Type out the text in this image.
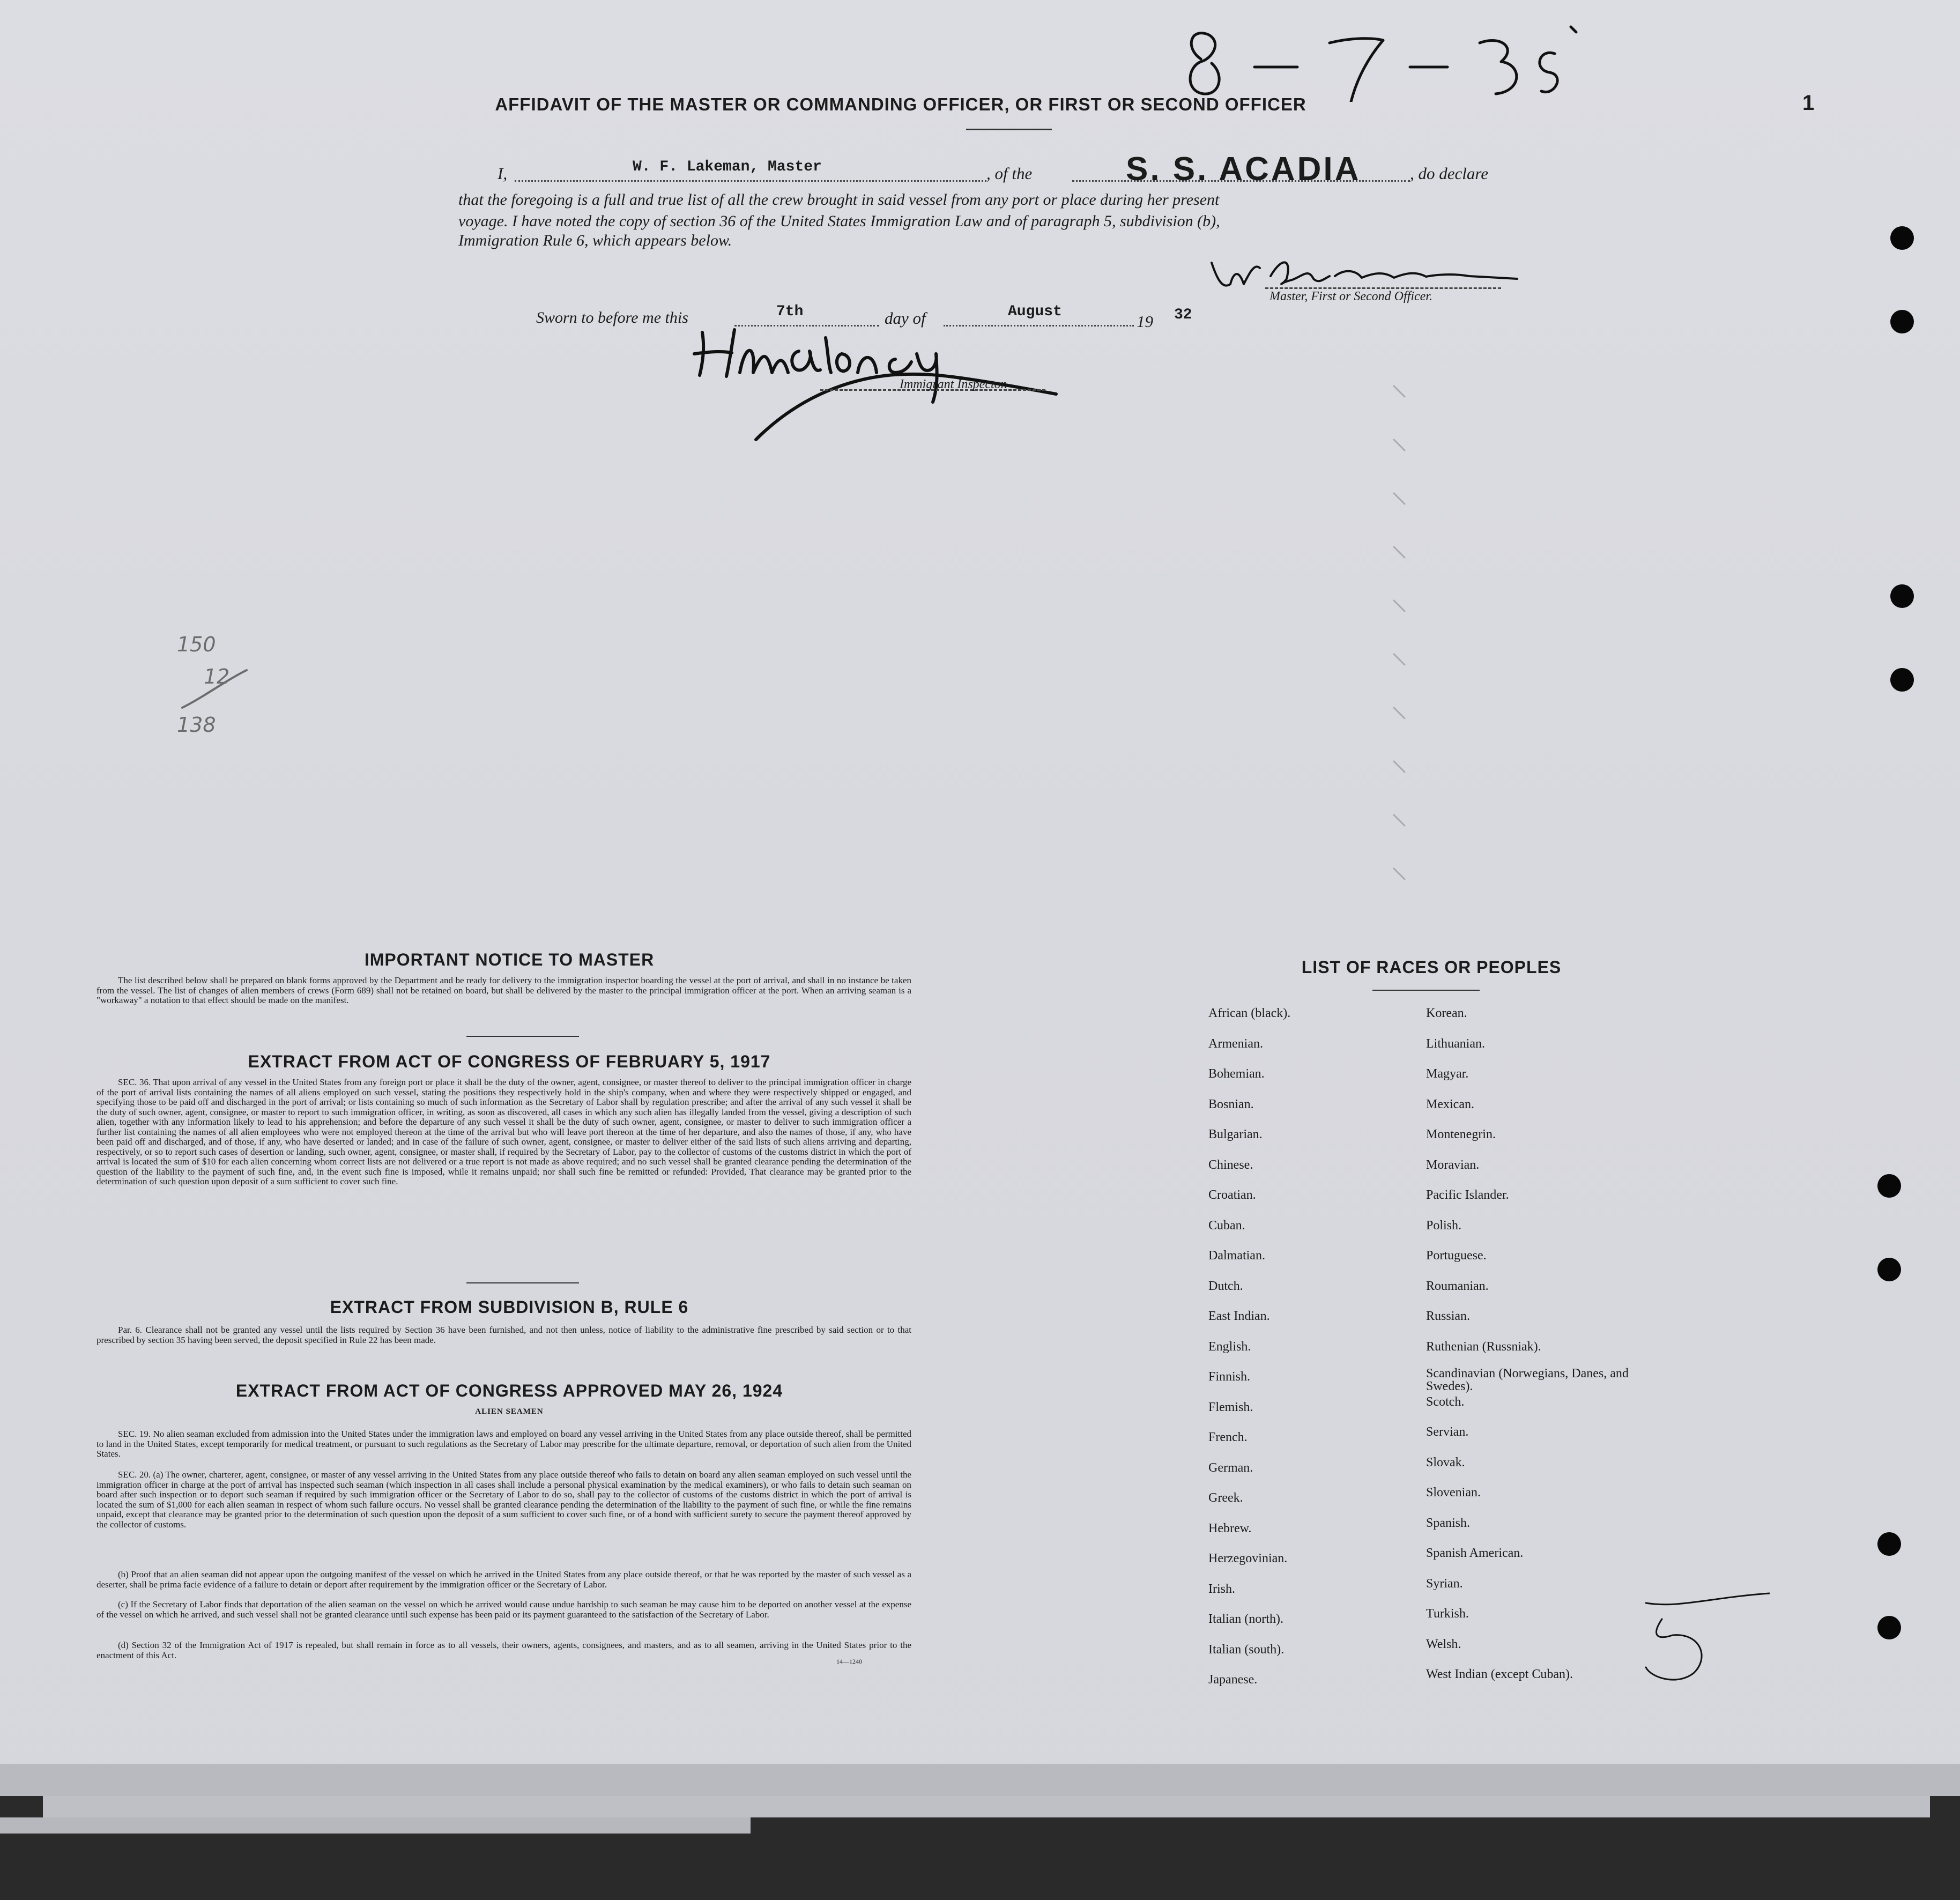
1
AFFIDAVIT OF THE MASTER OR COMMANDING OFFICER, OR FIRST OR SECOND OFFICER
I,	W. F. Lakeman, Master	, of the	S. S. ACADIA	, do declare
that the foregoing is a full and true list of all the crew brought in said vessel from any port or place during her present
voyage. I have noted the copy of section 36 of the United States Immigration Law and of paragraph 5, subdivision (b),
Immigration Rule 6, which appears below.
Master, First or Second Officer.
Sworn to before me this	7th	day of	August
19 32
Immigrant Inspector.
150
12
138
IMPORTANT NOTICE TO MASTER
The list described below shall be prepared on blank forms approved by the Department and be ready for delivery to the immigration inspector boarding the vessel at the port of arrival, and shall in no instance be taken from the vessel. The list of changes of alien members of crews (Form 689) shall not be retained on board, but shall be delivered by the master to the principal immigration officer at the port. When an arriving seaman is a "workaway" a notation to that effect should be made on the manifest.
EXTRACT FROM ACT OF CONGRESS OF FEBRUARY 5, 1917
SEC. 36. That upon arrival of any vessel in the United States from any foreign port or place it shall be the duty of the owner, agent, consignee, or master thereof to deliver to the principal immigration officer in charge of the port of arrival lists containing the names of all aliens employed on such vessel, stating the positions they respectively hold in the ship's company, when and where they were respectively shipped or engaged, and specifying those to be paid off and discharged in the port of arrival; or lists containing so much of such information as the Secretary of Labor shall by regulation prescribe; and after the arrival of any such vessel it shall be the duty of such owner, agent, consignee, or master to report to such immigration officer, in writing, as soon as discovered, all cases in which any such alien has illegally landed from the vessel, giving a description of such alien, together with any information likely to lead to his apprehension; and before the departure of any such vessel it shall be the duty of such owner, agent, consignee, or master to deliver to such immigration officer a further list containing the names of all alien employees who were not employed thereon at the time of the arrival but who will leave port thereon at the time of her departure, and also the names of those, if any, who have been paid off and discharged, and of those, if any, who have deserted or landed; and in case of the failure of such owner, agent, consignee, or master to deliver either of the said lists of such aliens arriving and departing, respectively, or so to report such cases of desertion or landing, such owner, agent, consignee, or master shall, if required by the Secretary of Labor, pay to the collector of customs of the customs district in which the port of arrival is located the sum of $10 for each alien concerning whom correct lists are not delivered or a true report is not made as above required; and no such vessel shall be granted clearance pending the determination of the question of the liability to the payment of such fine, and, in the event such fine is imposed, while it remains unpaid; nor shall such fine be remitted or refunded: Provided, That clearance may be granted prior to the determination of such question upon deposit of a sum sufficient to cover such fine.
EXTRACT FROM SUBDIVISION B, RULE 6
Par. 6. Clearance shall not be granted any vessel until the lists required by Section 36 have been furnished, and not then unless, notice of liability to the administrative fine prescribed by said section or to that prescribed by section 35 having been served, the deposit specified in Rule 22 has been made.
EXTRACT FROM ACT OF CONGRESS APPROVED MAY 26, 1924
ALIEN SEAMEN
SEC. 19. No alien seaman excluded from admission into the United States under the immigration laws and employed on board any vessel arriving in the United States from any place outside thereof, shall be permitted to land in the United States, except temporarily for medical treatment, or pursuant to such regulations as the Secretary of Labor may prescribe for the ultimate departure, removal, or deportation of such alien from the United States.
SEC. 20. (a) The owner, charterer, agent, consignee, or master of any vessel arriving in the United States from any place outside thereof who fails to detain on board any alien seaman employed on such vessel until the immigration officer in charge at the port of arrival has inspected such seaman (which inspection in all cases shall include a personal physical examination by the medical examiners), or who fails to detain such seaman on board after such inspection or to deport such seaman if required by such immigration officer or the Secretary of Labor to do so, shall pay to the collector of customs of the customs district in which the port of arrival is located the sum of $1,000 for each alien seaman in respect of whom such failure occurs. No vessel shall be granted clearance pending the determination of the liability to the payment of such fine, or while the fine remains unpaid, except that clearance may be granted prior to the determination of such question upon the deposit of a sum sufficient to cover such fine, or of a bond with sufficient surety to secure the payment thereof approved by the collector of customs.
(b) Proof that an alien seaman did not appear upon the outgoing manifest of the vessel on which he arrived in the United States from any place outside thereof, or that he was reported by the master of such vessel as a deserter, shall be prima facie evidence of a failure to detain or deport after requirement by the immigration officer or the Secretary of Labor.
(c) If the Secretary of Labor finds that deportation of the alien seaman on the vessel on which he arrived would cause undue hardship to such seaman he may cause him to be deported on another vessel at the expense of the vessel on which he arrived, and such vessel shall not be granted clearance until such expense has been paid or its payment guaranteed to the satisfaction of the Secretary of Labor.
(d) Section 32 of the Immigration Act of 1917 is repealed, but shall remain in force as to all vessels, their owners, agents, consignees, and masters, and as to all seamen, arriving in the United States prior to the enactment of this Act.
14—1240
LIST OF RACES OR PEOPLES
African (black).
Armenian.
Bohemian.
Bosnian.
Bulgarian.
Chinese.
Croatian.
Cuban.
Dalmatian.
Dutch.
East Indian.
English.
Finnish.
Flemish.
French.
German.
Greek.
Hebrew.
Herzegovinian.
Irish.
Italian (north).
Italian (south).
Japanese.
Korean.
Lithuanian.
Magyar.
Mexican.
Montenegrin.
Moravian.
Pacific Islander.
Polish.
Portuguese.
Roumanian.
Russian.
Ruthenian (Russniak).
Scandinavian (Norwegians, Danes, and Swedes).
Scotch.
Servian.
Slovak.
Slovenian.
Spanish.
Spanish American.
Syrian.
Turkish.
Welsh.
West Indian (except Cuban).
